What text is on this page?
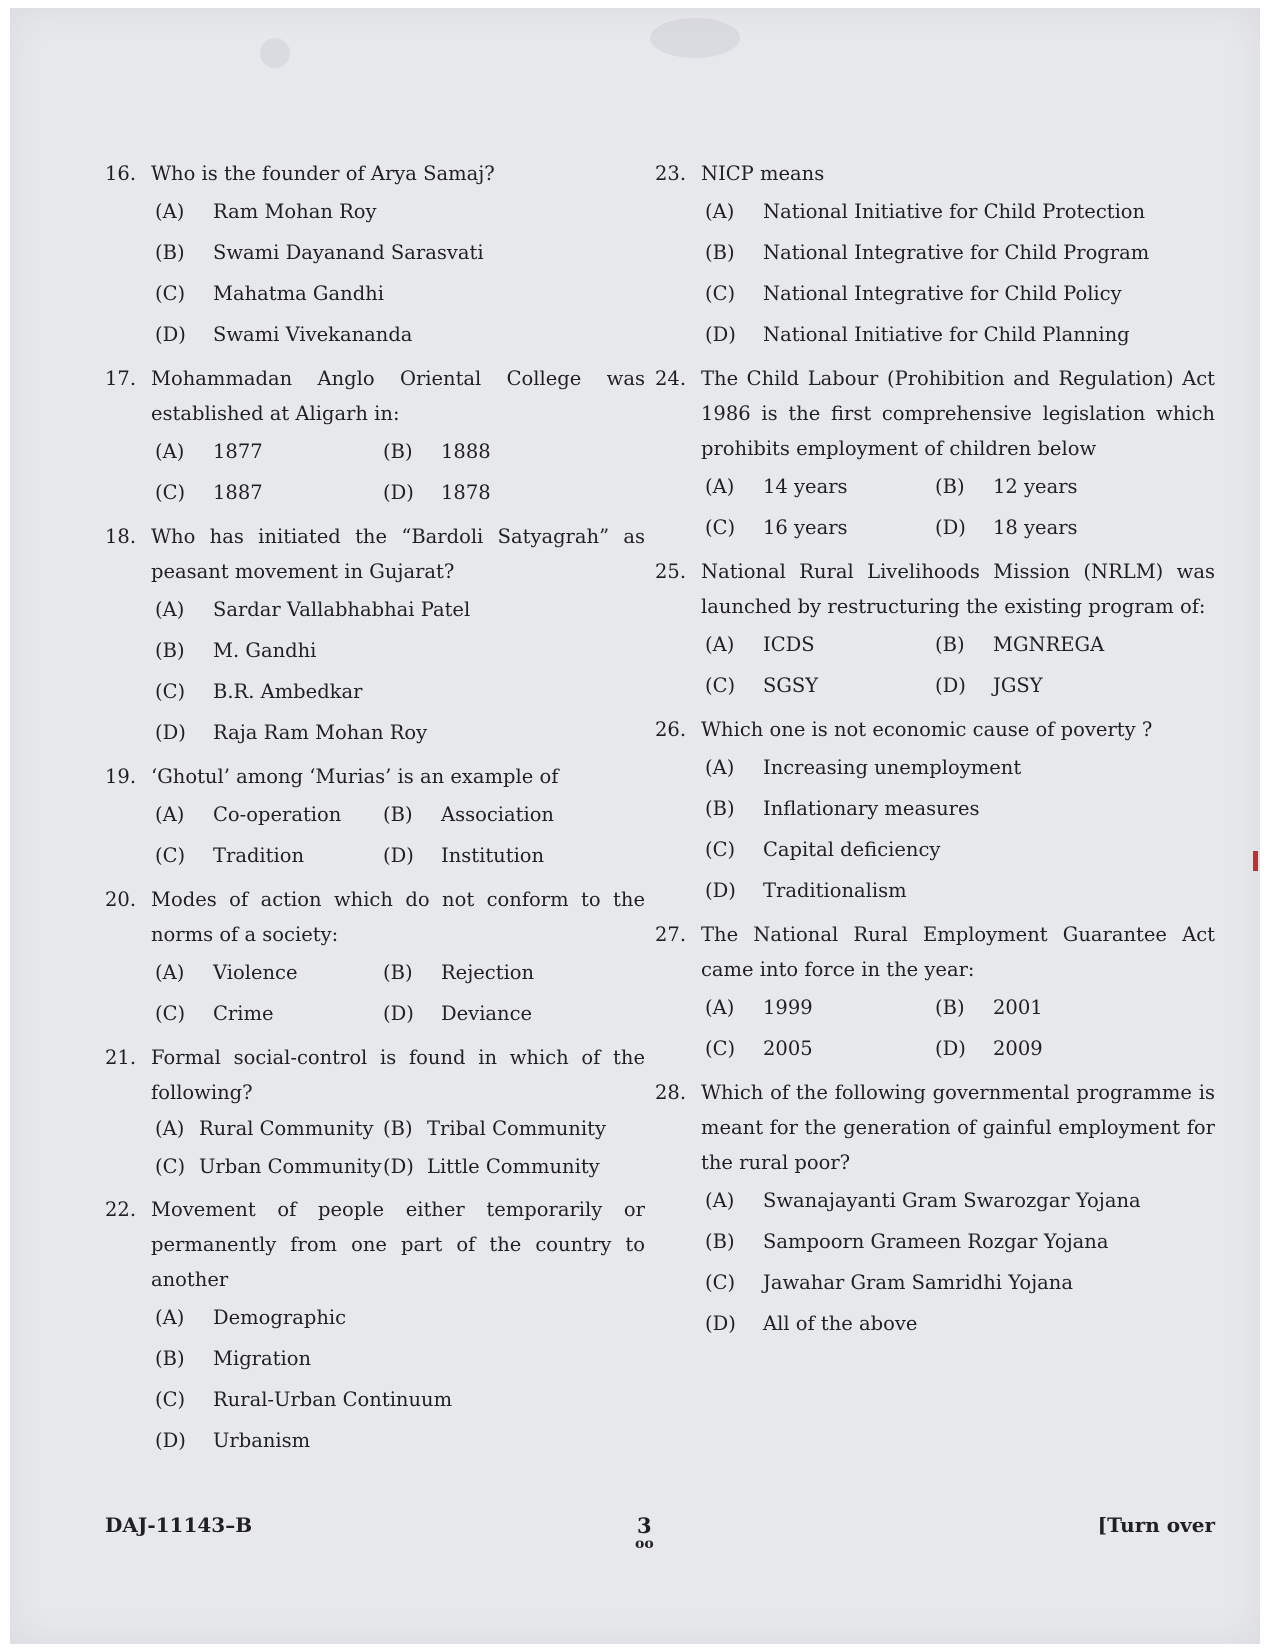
16. Who is the founder of Arya Samaj?
(A)	Ram Mohan Roy
(B)	Swami Dayanand Sarasvati
(C)	Mahatma Gandhi
(D)	Swami Vivekananda
17. Mohammadan Anglo Oriental College was established at Aligarh in:
(A)	1877	(B)	1888
(C)	1887	(D)	1878
18. Who has initiated the “Bardoli Satyagrah” as peasant movement in Gujarat?
(A)	Sardar Vallabhabhai Patel
(B)	M. Gandhi
(C)	B.R. Ambedkar
(D)	Raja Ram Mohan Roy
19. ‘Ghotul’ among ‘Murias’ is an example of
(A)	Co-operation (B)	Association
(C)	Tradition	(D)	Institution
20. Modes of action which do not conform to the norms of a society:
(A)	Violence	(B)	Rejection
(C)	Crime	(D)	Deviance
21. Formal social-control is found in which of the following?
(A) Rural Community (B) Tribal Community
(C) Urban Community (D) Little Community
22. Movement of people either temporarily or permanently from one part of the country to another
(A)	Demographic
(B)	Migration
(C)	Rural-Urban Continuum
(D)	Urbanism
23. NICP means
(A)	National Initiative for Child Protection
(B)	National Integrative for Child Program
(C)	National Integrative for Child Policy
(D)	National Initiative for Child Planning
24. The Child Labour (Prohibition and Regulation) Act 1986 is the first comprehensive legislation which prohibits employment of children below
(A)	14 years	(B)	12 years
(C)	16 years	(D)	18 years
25. National Rural Livelihoods Mission (NRLM) was launched by restructuring the existing program of:
(A)	ICDS	(B)	MGNREGA
(C)	SGSY	(D)	JGSY
26. Which one is not economic cause of poverty ?
(A)	Increasing unemployment
(B)	Inflationary measures
(C)	Capital deficiency
(D)	Traditionalism
27. The National Rural Employment Guarantee Act came into force in the year:
(A)	1999	(B)	2001
(C)	2005	(D)	2009
28. Which of the following governmental programme is meant for the generation of gainful employment for the rural poor?
(A)	Swanajayanti Gram Swarozgar Yojana
(B)	Sampoorn Grameen Rozgar Yojana
(C)	Jawahar Gram Samridhi Yojana
(D)	All of the above
DAJ-11143–B	3
oo
[Turn over
